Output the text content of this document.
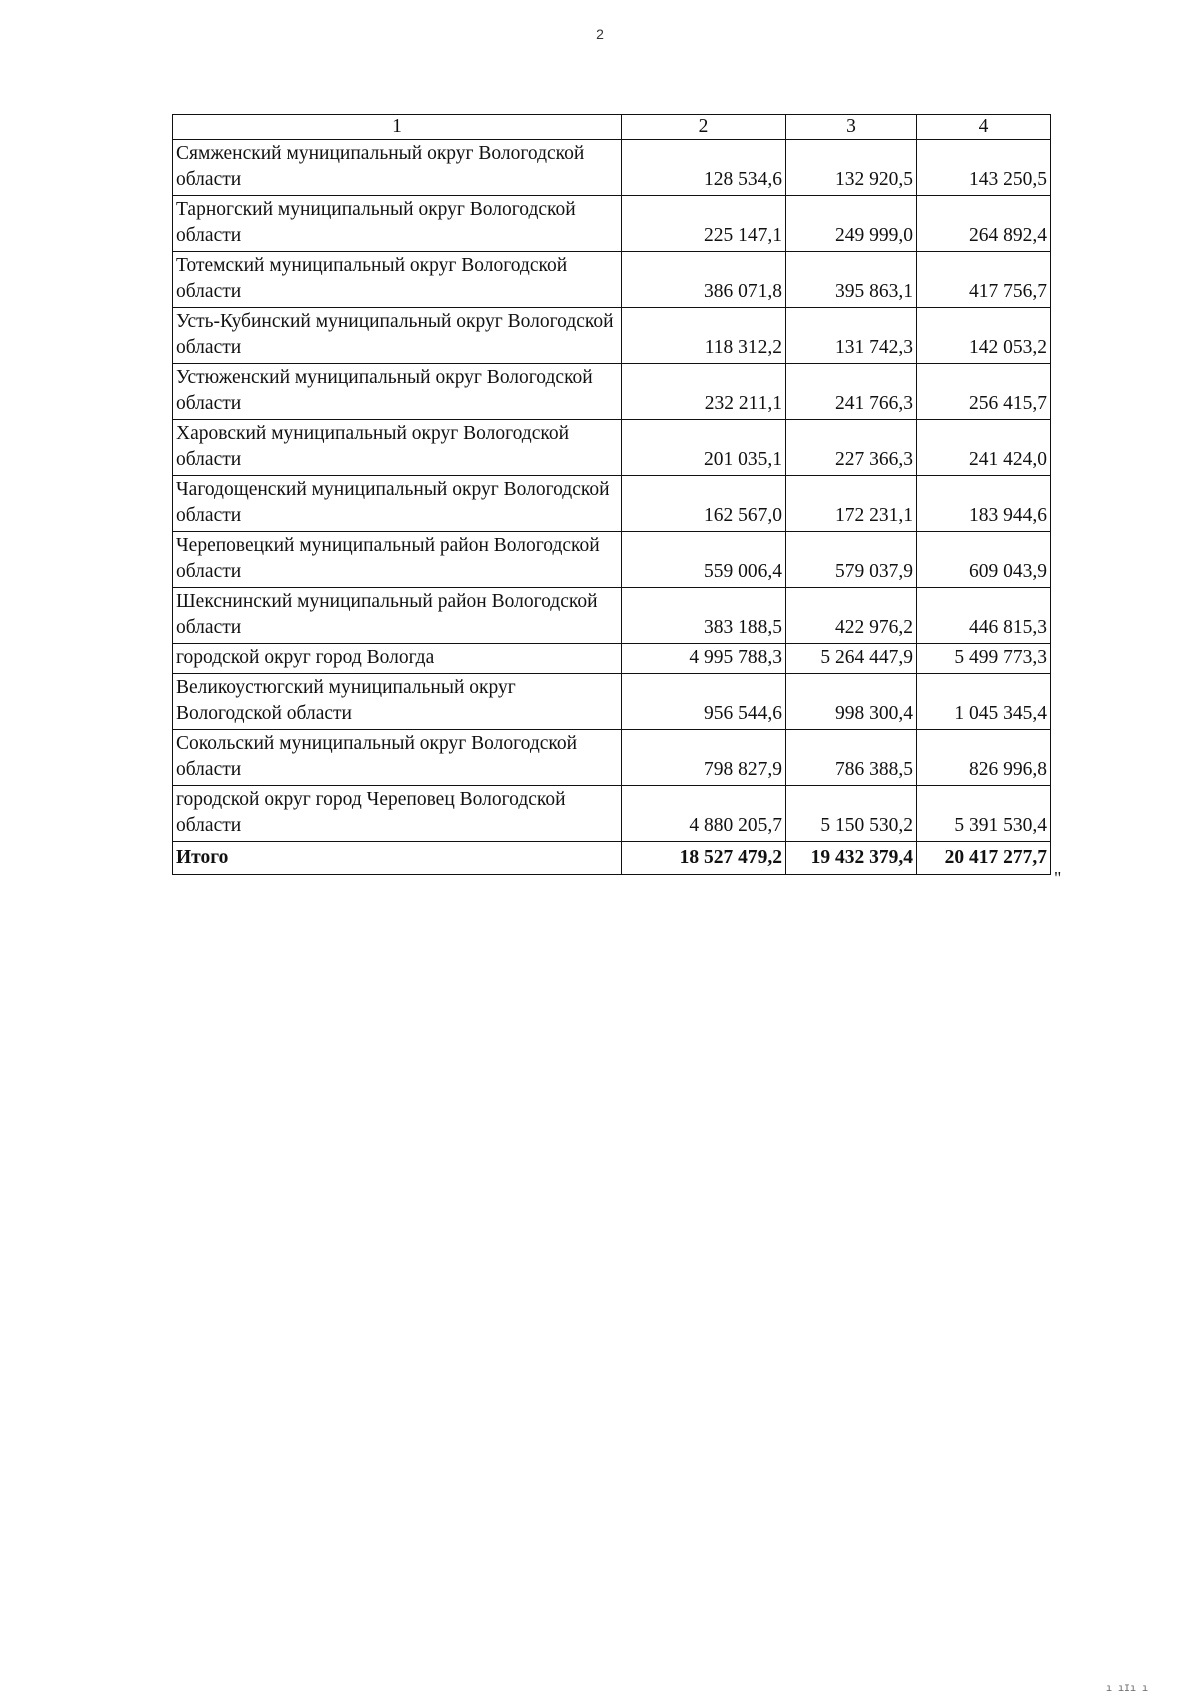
2
1	2	3	4
Сямженский муниципальный округ Вологодской области	128 534,6	132 920,5	143 250,5
Тарногский муниципальный округ Вологодской области	225 147,1	249 999,0	264 892,4
Тотемский муниципальный округ Вологодской области	386 071,8	395 863,1	417 756,7
Усть-Кубинский муниципальный округ Вологодской области	118 312,2	131 742,3	142 053,2
Устюженский муниципальный округ Вологодской области	232 211,1	241 766,3	256 415,7
Харовский муниципальный округ Вологодской области	201 035,1	227 366,3	241 424,0
Чагодощенский муниципальный округ Вологодской области	162 567,0	172 231,1	183 944,6
Череповецкий муниципальный район Вологодской области	559 006,4	579 037,9	609 043,9
Шекснинский муниципальный район Вологодской области	383 188,5	422 976,2	446 815,3
городской округ город Вологда	4 995 788,3	5 264 447,9	5 499 773,3
Великоустюгский муниципальный округ Вологодской области	956 544,6	998 300,4	1 045 345,4
Сокольский муниципальный округ Вологодской области	798 827,9	786 388,5	826 996,8
городской округ город Череповец Вологодской области	4 880 205,7	5 150 530,2	5 391 530,4
Итого	18 527 479,2	19 432 379,4	20 417 277,7
"
ı ıIı ı
